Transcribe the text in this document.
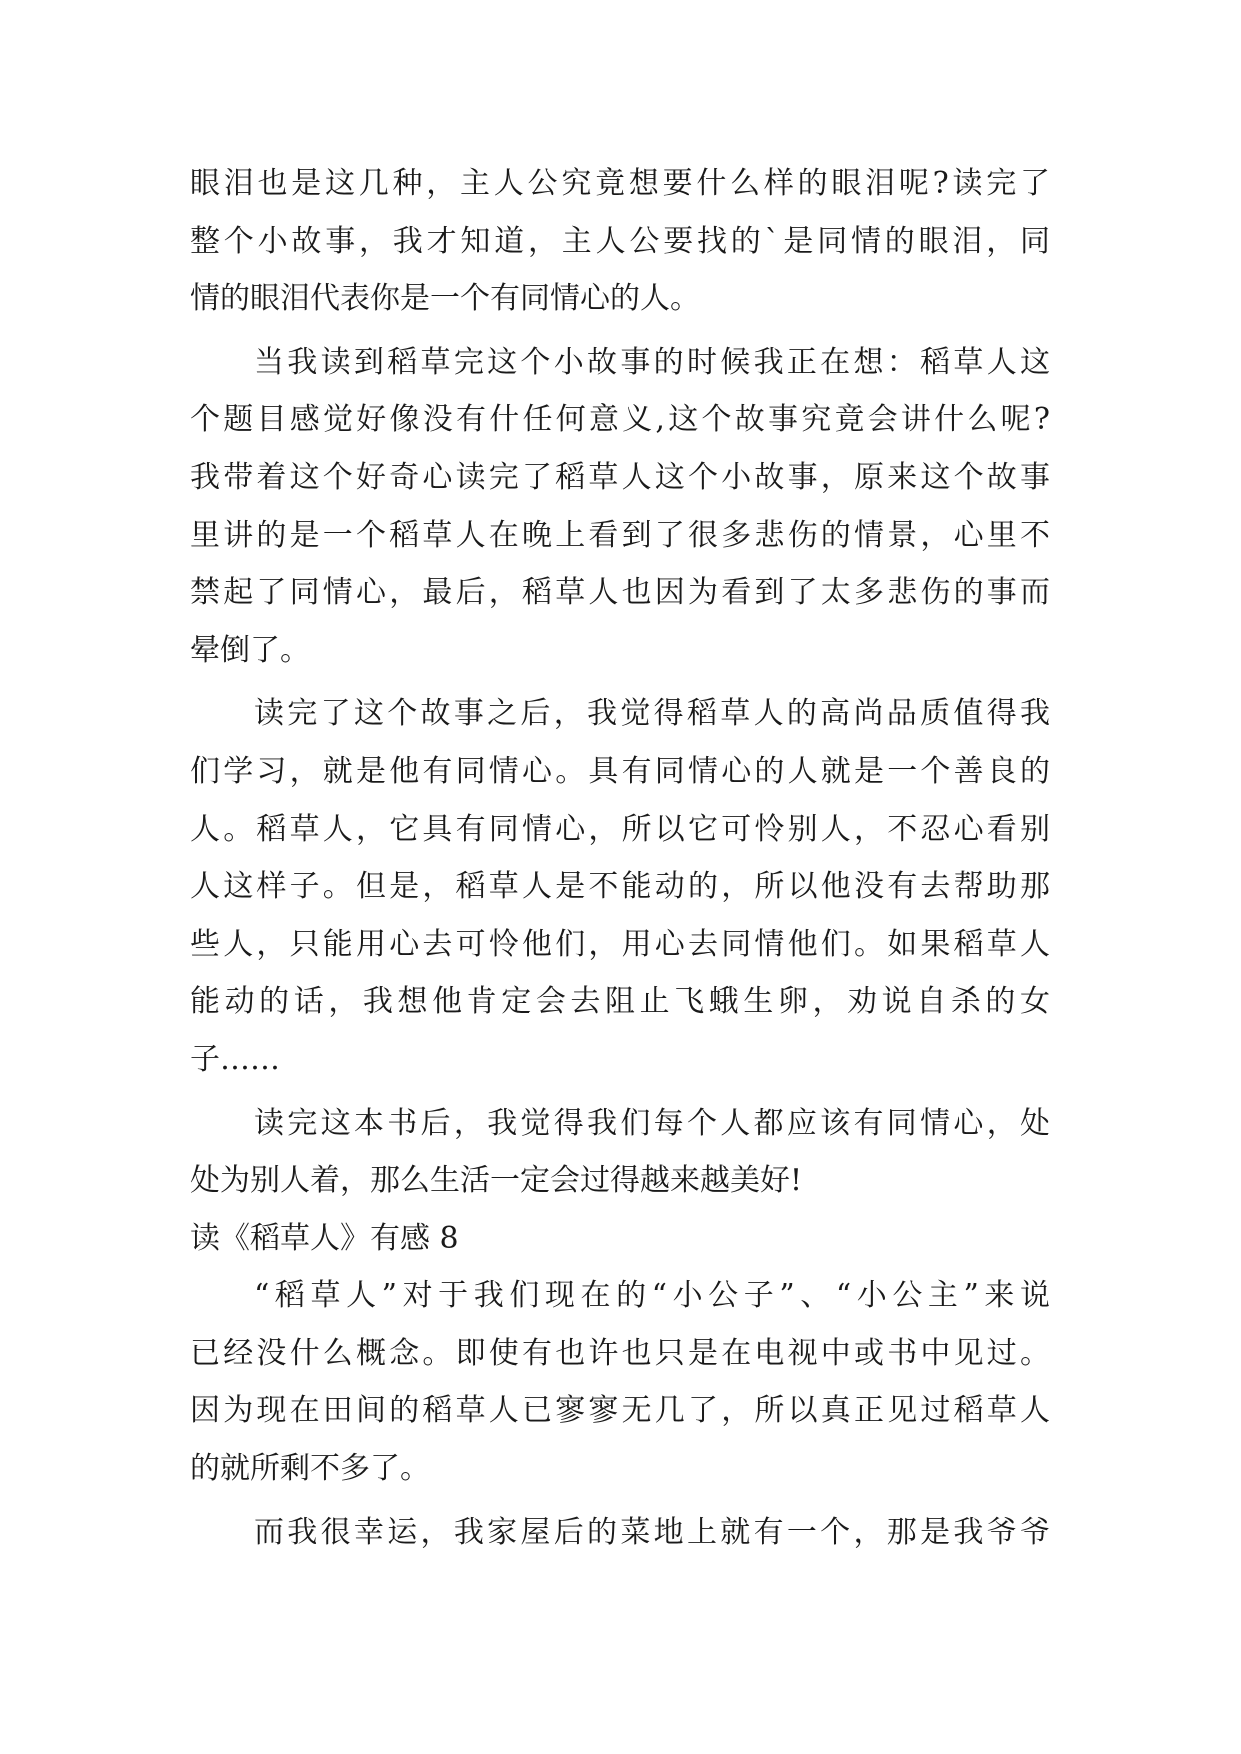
眼泪也是这几种，主人公究竟想要什么样的眼泪呢?读完了
整个小故事，我才知道，主人公要找的`是同情的眼泪，同
情的眼泪代表你是一个有同情心的人。
当我读到稻草完这个小故事的时候我正在想：稻草人这
个题目感觉好像没有什任何意义,这个故事究竟会讲什么呢?
我带着这个好奇心读完了稻草人这个小故事，原来这个故事
里讲的是一个稻草人在晚上看到了很多悲伤的情景，心里不
禁起了同情心，最后，稻草人也因为看到了太多悲伤的事而
晕倒了。
读完了这个故事之后，我觉得稻草人的高尚品质值得我
们学习，就是他有同情心。具有同情心的人就是一个善良的
人。稻草人，它具有同情心，所以它可怜别人，不忍心看别
人这样子。但是，稻草人是不能动的，所以他没有去帮助那
些人，只能用心去可怜他们，用心去同情他们。如果稻草人
能动的话，我想他肯定会去阻止飞蛾生卵，劝说自杀的女
子……
读完这本书后，我觉得我们每个人都应该有同情心，处
处为别人着，那么生活一定会过得越来越美好!
读《稻草人》有感 8
“稻草人”对于我们现在的“小公子”、“小公主”来说
已经没什么概念。即使有也许也只是在电视中或书中见过。
因为现在田间的稻草人已寥寥无几了，所以真正见过稻草人
的就所剩不多了。
而我很幸运，我家屋后的菜地上就有一个，那是我爷爷
